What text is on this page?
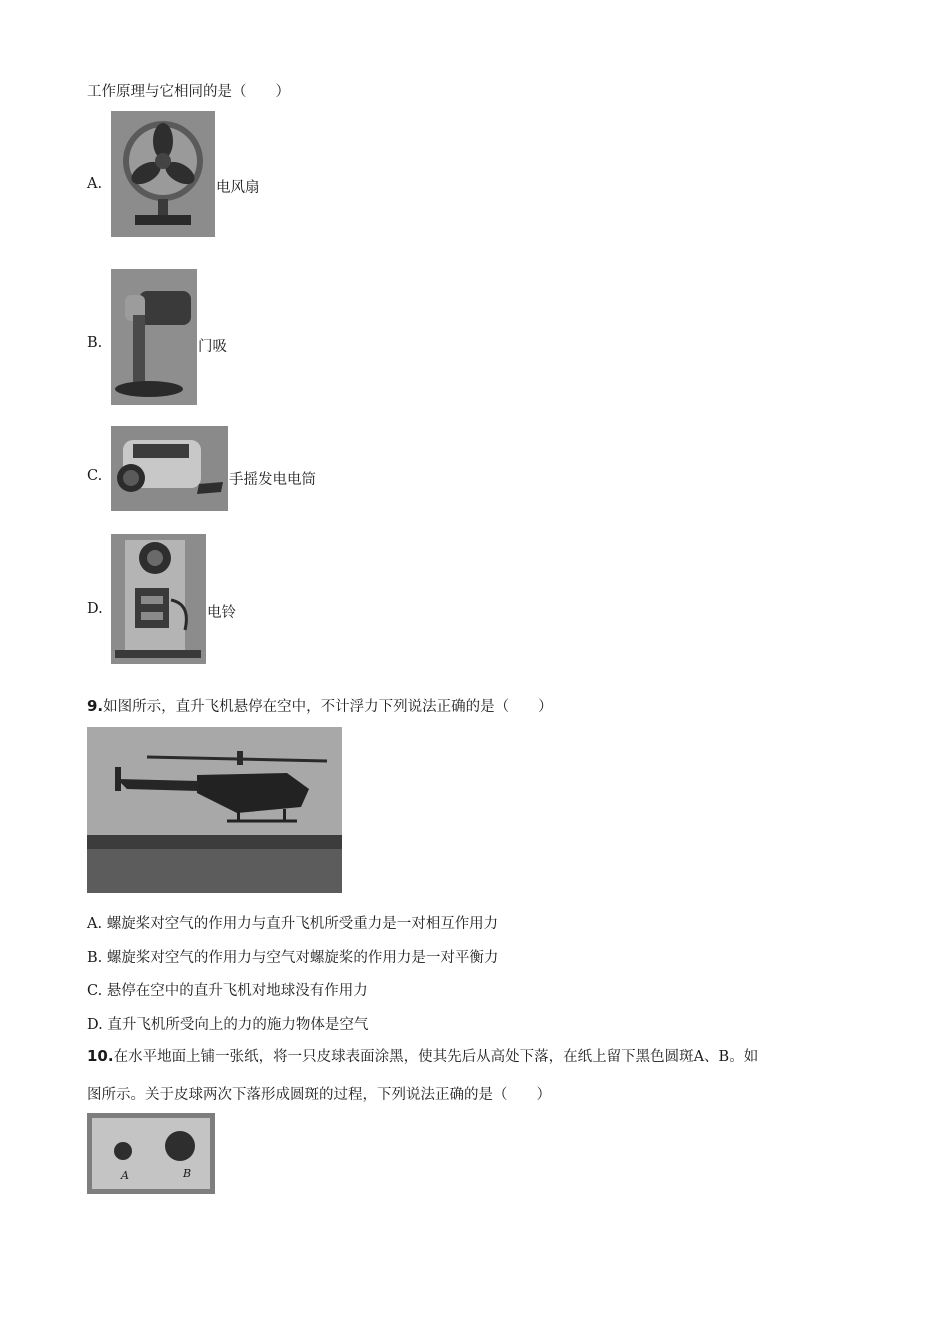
工作原理与它相同的是（　　）
A.	电风扇
B.	门吸
C.	手摇发电电筒
D.	电铃
9.如图所示，直升飞机悬停在空中，不计浮力下列说法正确的是（　　）
A. 螺旋桨对空气的作用力与直升飞机所受重力是一对相互作用力
B. 螺旋桨对空气的作用力与空气对螺旋桨的作用力是一对平衡力
C. 悬停在空中的直升飞机对地球没有作用力
D. 直升飞机所受向上的力的施力物体是空气
10.在水平地面上铺一张纸，将一只皮球表面涂黑，使其先后从高处下落，在纸上留下黑色圆斑A、B。如
图所示。关于皮球两次下落形成圆斑的过程，下列说法正确的是（　　）
A	B
